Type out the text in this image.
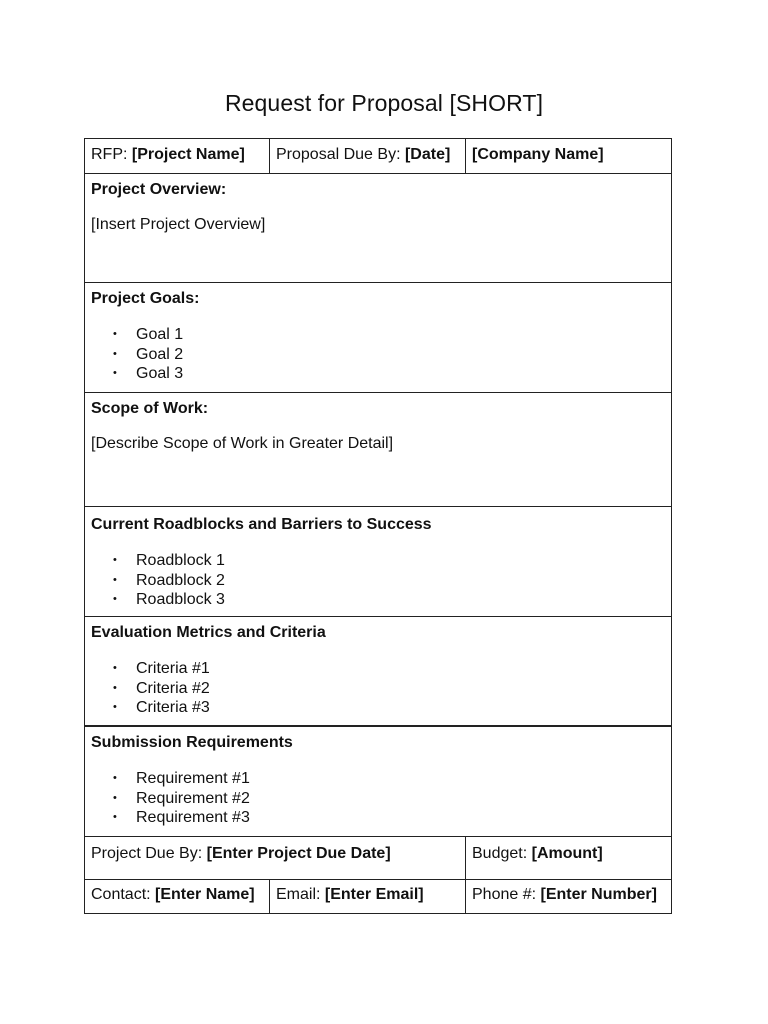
Request for Proposal [SHORT]
RFP: [Project Name]	Proposal Due By: [Date]	[Company Name]
Project Overview:

[Insert Project Overview]

Project Goals:
• Goal 1
• Goal 2
• Goal 3
Scope of Work:

[Describe Scope of Work in Greater Detail]

Current Roadblocks and Barriers to Success
• Roadblock 1
• Roadblock 2
• Roadblock 3
Evaluation Metrics and Criteria
• Criteria #1
• Criteria #2
• Criteria #3
Submission Requirements
• Requirement #1
• Requirement #2
• Requirement #3
Project Due By: [Enter Project Due Date]	Budget: [Amount]
Contact: [Enter Name]	Email: [Enter Email]	Phone #: [Enter Number]
